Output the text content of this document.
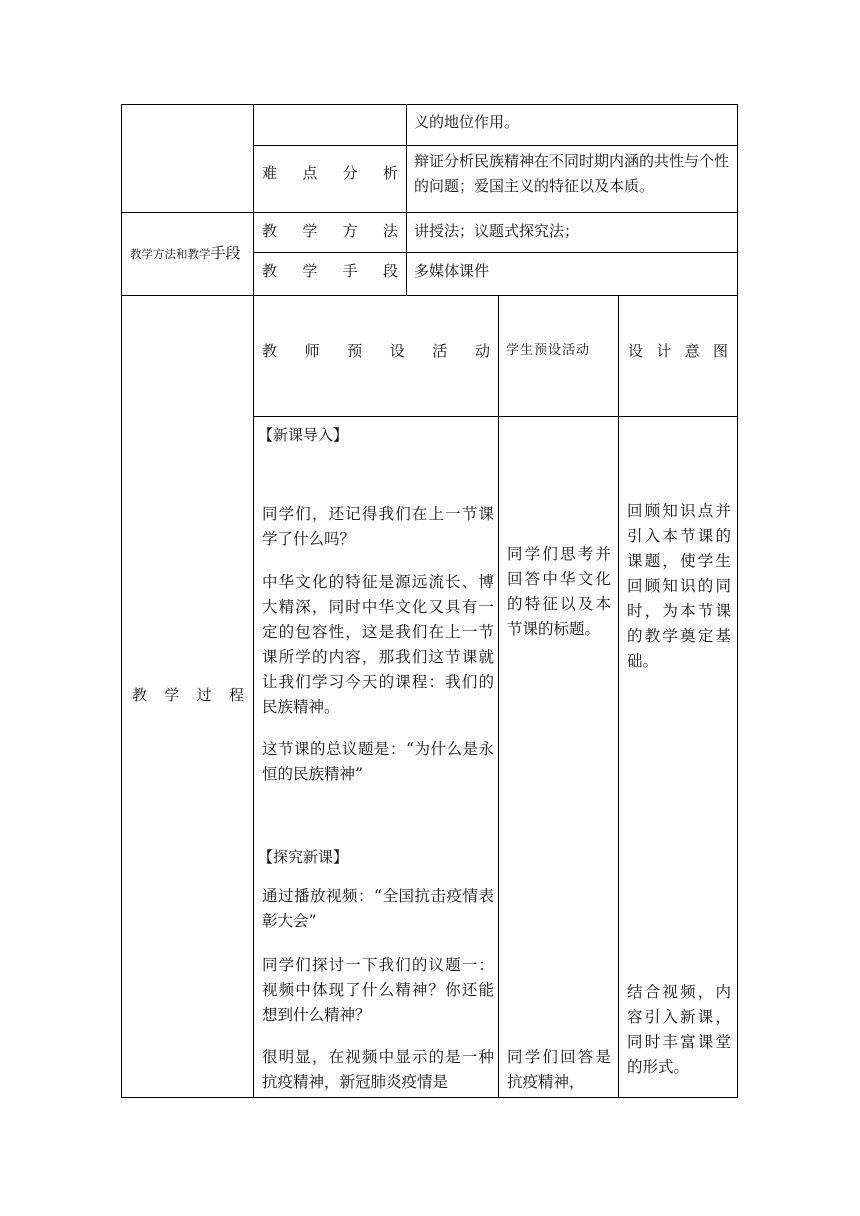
义的地位作用。
难 点 分 析
辩证分析民族精神在不同时期内涵的共性与个性的问题；爱国主义的特征以及本质。
教学方法和教学手段
教 学 方 法 讲授法；议题式探究法；
教 学 手 段 多媒体课件
教 学 过 程
教 师 预 设 活 动 学生预设活动	设 计 意 图
【新课导入】
同学们，还记得我们在上一节课学了什么吗？
中华文化的特征是源远流长、博大精深，同时中华文化又具有一定的包容性，这是我们在上一节课所学的内容，那我们这节课就让我们学习今天的课程：我们的民族精神。
这节课的总议题是：“为什么是永恒的民族精神”
【探究新课】
通过播放视频：“全国抗击疫情表彰大会”
同学们探讨一下我们的议题一：视频中体现了什么精神？你还能想到什么精神？
很明显，在视频中显示的是一种抗疫精神，新冠肺炎疫情是
同学们思考并回答中华文化的特征以及本节课的标题。
同学们回答是抗疫精神，
回顾知识点并引入本节课的课题，使学生回顾知识的同时，为本节课的教学奠定基础。
结合视频，内容引入新课，同时丰富课堂的形式。
